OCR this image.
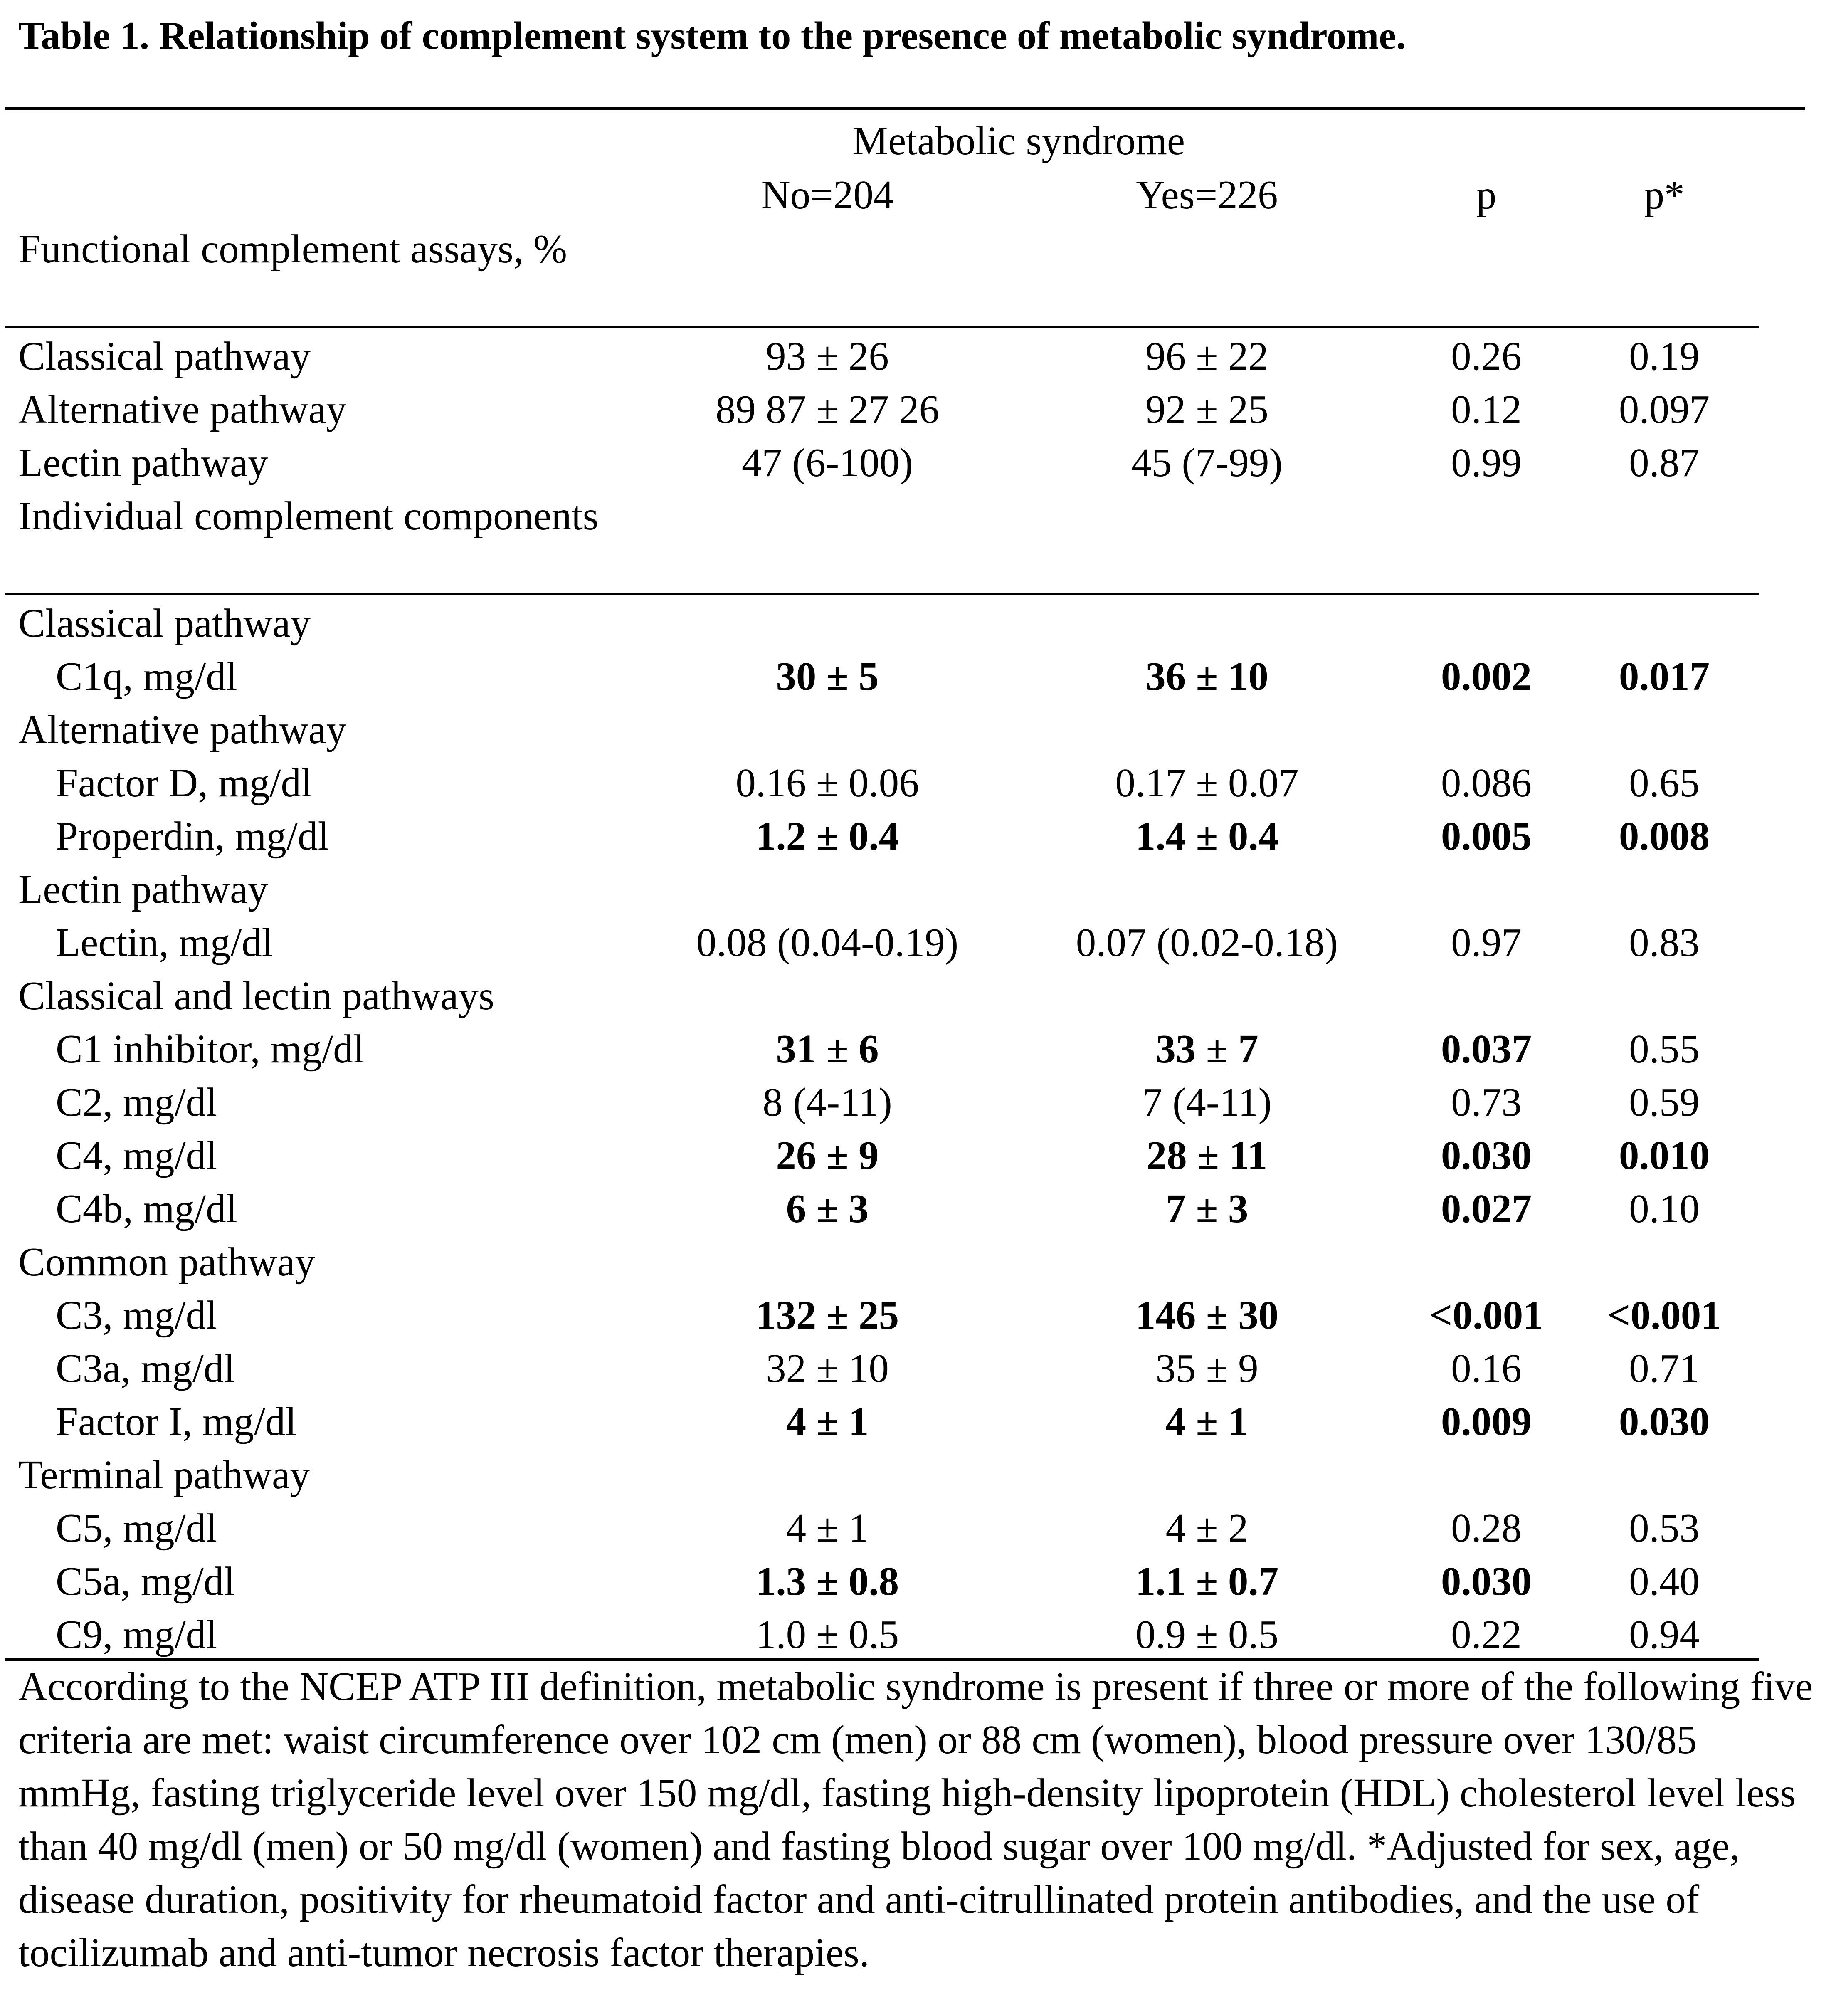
Table 1. Relationship of complement system to the presence of metabolic syndrome.
Metabolic syndrome
No=204	Yes=226	p	p*
Functional complement assays, %
Classical pathway	93 ± 26	96 ± 22	0.26	0.19
Alternative pathway	89 87 ± 27 26	92 ± 25	0.12 0.097
Lectin pathway	47 (6-100)	45 (7-99)	0.99	0.87
Individual complement components
Classical pathway
C1q, mg/dl	30 ± 5	36 ± 10	0.002 0.017
Alternative pathway
Factor D, mg/dl	0.16 ± 0.06	0.17 ± 0.07	0.086 0.65
Properdin, mg/dl	1.2 ± 0.4	1.4 ± 0.4	0.005 0.008
Lectin pathway
Lectin, mg/dl	0.08 (0.04-0.19)	0.07 (0.02-0.18)	0.97	0.83
Classical and lectin pathways
C1 inhibitor, mg/dl	31 ± 6	33 ± 7	0.037 0.55
C2, mg/dl	8 (4-11)	7 (4-11)	0.73	0.59
C4, mg/dl	26 ± 9	28 ± 11	0.030 0.010
C4b, mg/dl	6 ± 3	7 ± 3	0.027 0.10
Common pathway
C3, mg/dl	132 ± 25	146 ± 30	<0.001 <0.001
C3a, mg/dl	32 ± 10	35 ± 9	0.16	0.71
Factor I, mg/dl	4 ± 1	4 ± 1	0.009 0.030
Terminal pathway
C5, mg/dl	4 ± 1	4 ± 2	0.28	0.53
C5a, mg/dl	1.3 ± 0.8	1.1 ± 0.7	0.030 0.40
C9, mg/dl	1.0 ± 0.5	0.9 ± 0.5	0.22	0.94

According to the NCEP ATP III definition, metabolic syndrome is present if three or more of the following five criteria are met: waist circumference over 102 cm (men) or 88 cm (women), blood pressure over 130/85 mmHg, fasting triglyceride level over 150 mg/dl, fasting high-density lipoprotein (HDL) cholesterol level less than 40 mg/dl (men) or 50 mg/dl (women) and fasting blood sugar over 100 mg/dl. *Adjusted for sex, age, disease duration, positivity for rheumatoid factor and anti-citrullinated protein antibodies, and the use of tocilizumab and anti-tumor necrosis factor therapies.
